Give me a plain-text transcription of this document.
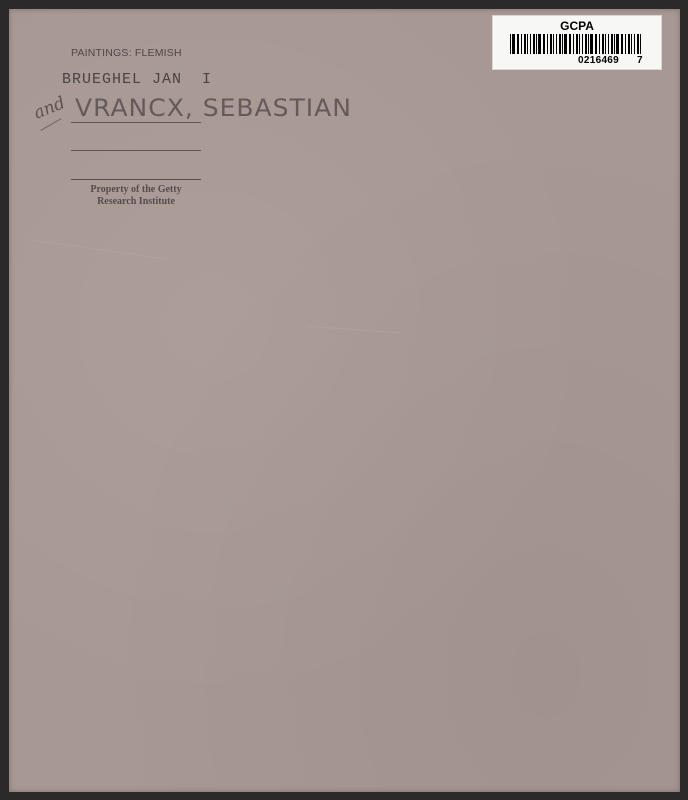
PAINTINGS: FLEMISH
BRUEGHEL JAN  I
and VRANCX, SEBASTIAN
Property of the Getty
Research Institute
GCPA
0216469 7
